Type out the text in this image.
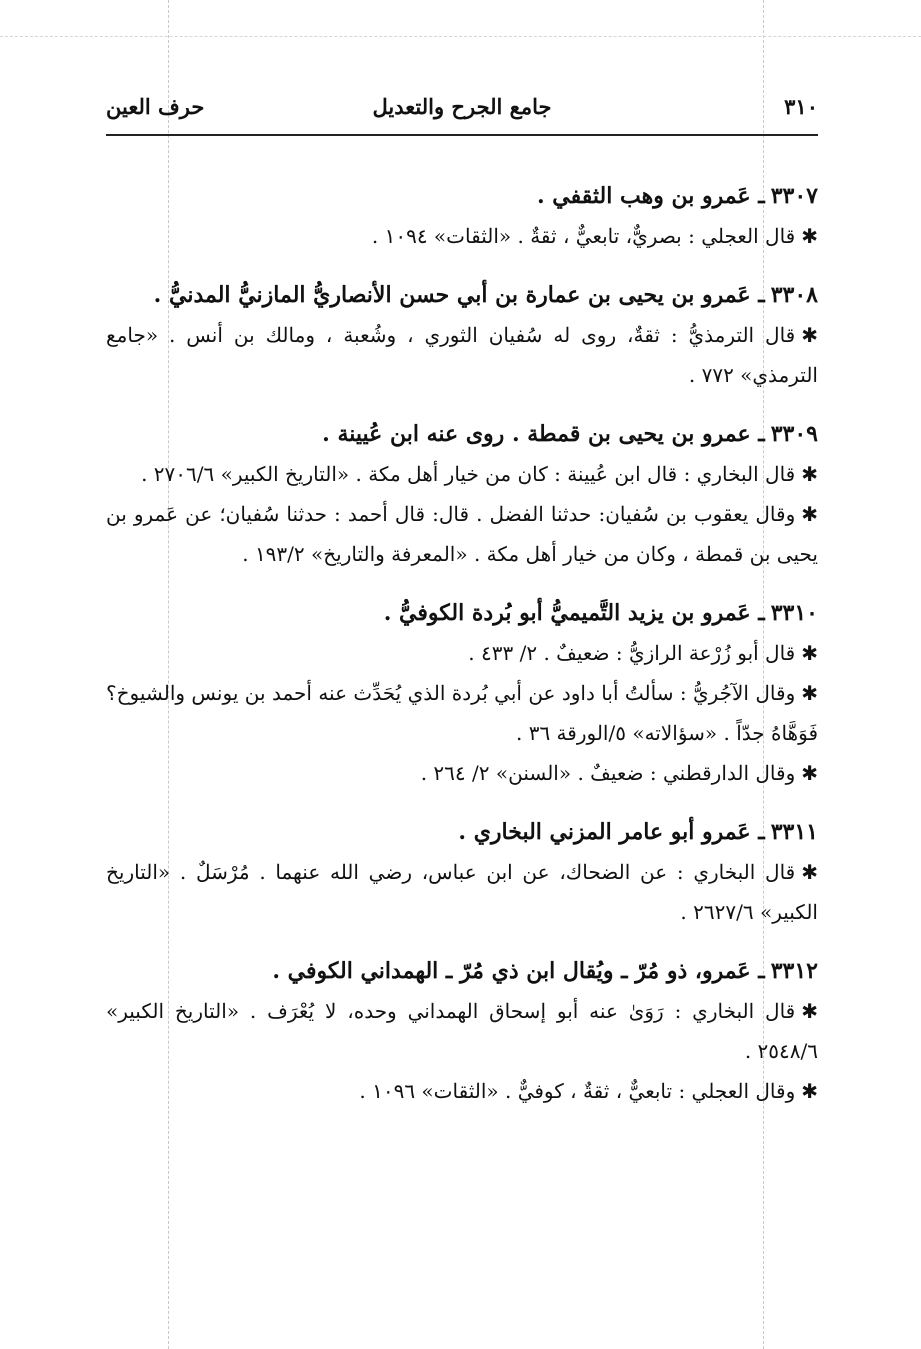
٣١٠
جامع الجرح والتعديل
حرف العين
٣٣٠٧ـ عَمرو بن وهب الثقفي .
✱قال العجلي : بصريٌّ، تابعيٌّ ، ثقةٌ . «الثقات» ١٠٩٤ .
٣٣٠٨ـ عَمرو بن يحيى بن عمارة بن أبي حسن الأنصاريُّ المازنيُّ المدنيُّ .
✱قال الترمذيُّ : ثقةٌ، روى له سُفيان الثوري ، وشُعبة ، ومالك بن أنس . «جامع الترمذي» ٧٧٢ .
٣٣٠٩ـ عمرو بن يحيى بن قمطة . روى عنه ابن عُيينة .
✱قال البخاري : قال ابن عُيينة : كان من خيار أهل مكة . «التاريخ الكبير» ٢٧٠٦/٦ .
✱وقال يعقوب بن سُفيان: حدثنا الفضل . قال: قال أحمد : حدثنا سُفيان؛ عن عَمرو بن يحيى بن قمطة ، وكان من خيار أهل مكة . «المعرفة والتاريخ» ١٩٣/٢ .
٣٣١٠ـ عَمرو بن يزيد التَّميميُّ أبو بُردة الكوفيُّ .
✱قال أبو زُرْعة الرازيُّ : ضعيفٌ . ٢/ ٤٣٣ .
✱وقال الآجُريُّ : سألتُ أبا داود عن أبي بُردة الذي يُحَدِّث عنه أحمد بن يونس والشيوخ؟ فَوَهَّاهُ جدّاً . «سؤالاته» ٥/الورقة ٣٦ .
✱وقال الدارقطني : ضعيفٌ . «السنن» ٢/ ٢٦٤ .
٣٣١١ـ عَمرو أبو عامر المزني البخاري .
✱قال البخاري : عن الضحاك، عن ابن عباس، رضي الله عنهما . مُرْسَلٌ . «التاريخ الكبير» ٢٦٢٧/٦ .
٣٣١٢ـ عَمرو، ذو مُرّ ـ ويُقال ابن ذي مُرّ ـ الهمداني الكوفي .
✱قال البخاري : رَوَىٰ عنه أبو إسحاق الهمداني وحده، لا يُعْرَف . «التاريخ الكبير» ٢٥٤٨/٦ .
✱وقال العجلي : تابعيٌّ ، ثقةٌ ، كوفيٌّ . «الثقات» ١٠٩٦ .
